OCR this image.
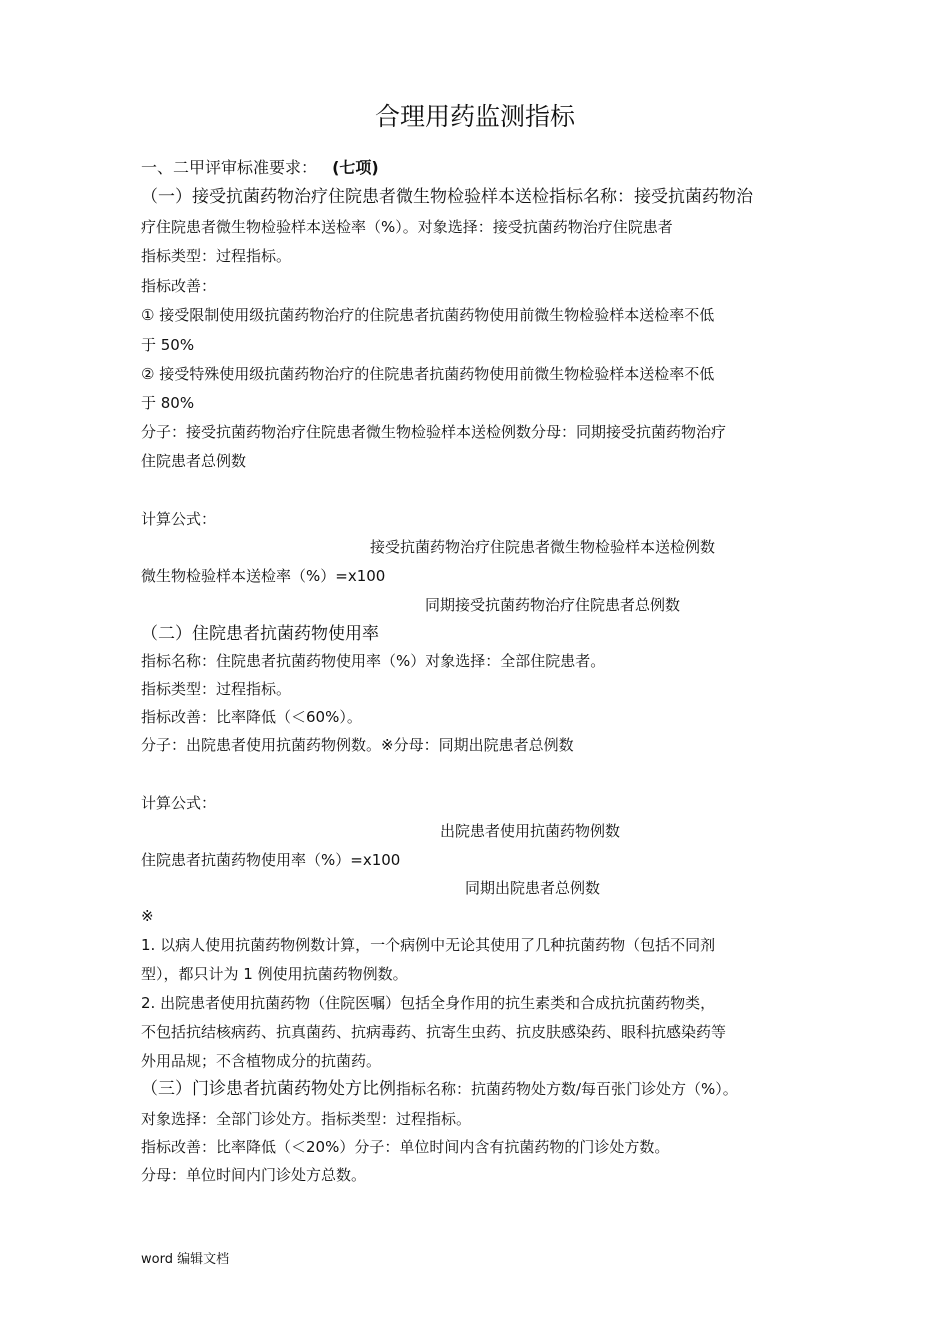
合理用药监测指标
一、二甲评审标准要求： (七项)
（一）接受抗菌药物治疗住院患者微生物检验样本送检指标名称：接受抗菌药物治
疗住院患者微生物检验样本送检率（%）。对象选择：接受抗菌药物治疗住院患者
指标类型：过程指标。
指标改善：
① 接受限制使用级抗菌药物治疗的住院患者抗菌药物使用前微生物检验样本送检率不低
于 50%
② 接受特殊使用级抗菌药物治疗的住院患者抗菌药物使用前微生物检验样本送检率不低
于 80%
分子：接受抗菌药物治疗住院患者微生物检验样本送检例数分母：同期接受抗菌药物治疗
住院患者总例数
计算公式：
接受抗菌药物治疗住院患者微生物检验样本送检例数
微生物检验样本送检率（%）=x100
同期接受抗菌药物治疗住院患者总例数
（二）住院患者抗菌药物使用率
指标名称：住院患者抗菌药物使用率（%）对象选择：全部住院患者。
指标类型：过程指标。
指标改善：比率降低（＜60%）。
分子：出院患者使用抗菌药物例数。※分母：同期出院患者总例数
计算公式：
出院患者使用抗菌药物例数
住院患者抗菌药物使用率（%）=x100
同期出院患者总例数
※
1. 以病人使用抗菌药物例数计算，一个病例中无论其使用了几种抗菌药物（包括不同剂
型），都只计为 1 例使用抗菌药物例数。
2. 出院患者使用抗菌药物（住院医嘱）包括全身作用的抗生素类和合成抗抗菌药物类，
不包括抗结核病药、抗真菌药、抗病毒药、抗寄生虫药、抗皮肤感染药、眼科抗感染药等
外用品规；不含植物成分的抗菌药。
（三）门诊患者抗菌药物处方比例指标名称：抗菌药物处方数/每百张门诊处方（%）。
对象选择：全部门诊处方。指标类型：过程指标。
指标改善：比率降低（＜20%）分子：单位时间内含有抗菌药物的门诊处方数。
分母：单位时间内门诊处方总数。
word 编辑文档
